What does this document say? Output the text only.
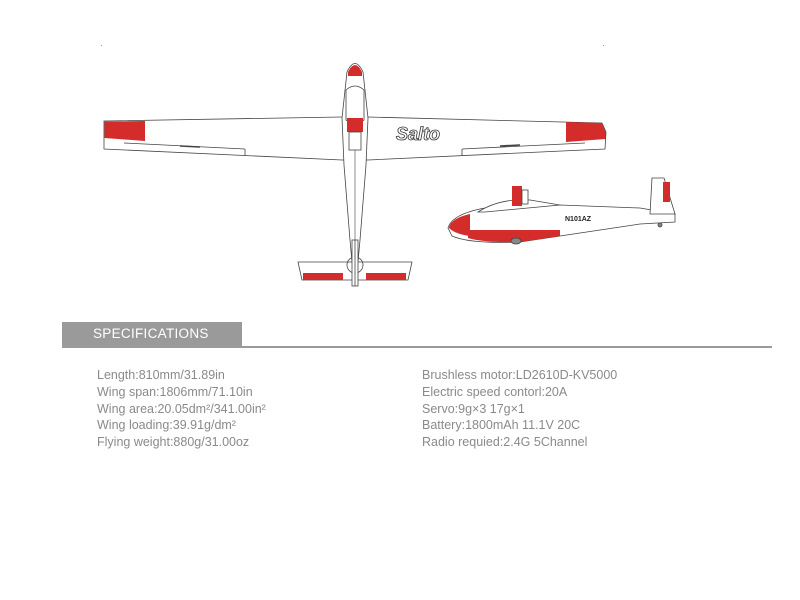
Salto
N101AZ
SPECIFICATIONS
Length:810mm/31.89in
Wing span:1806mm/71.10in
Wing area:20.05dm²/341.00in²
Wing loading:39.91g/dm²
Flying weight:880g/31.00oz
Brushless motor:LD2610D-KV5000
Electric speed contorl:20A
Servo:9g×3 17g×1
Battery:1800mAh 11.1V 20C
Radio requied:2.4G 5Channel
